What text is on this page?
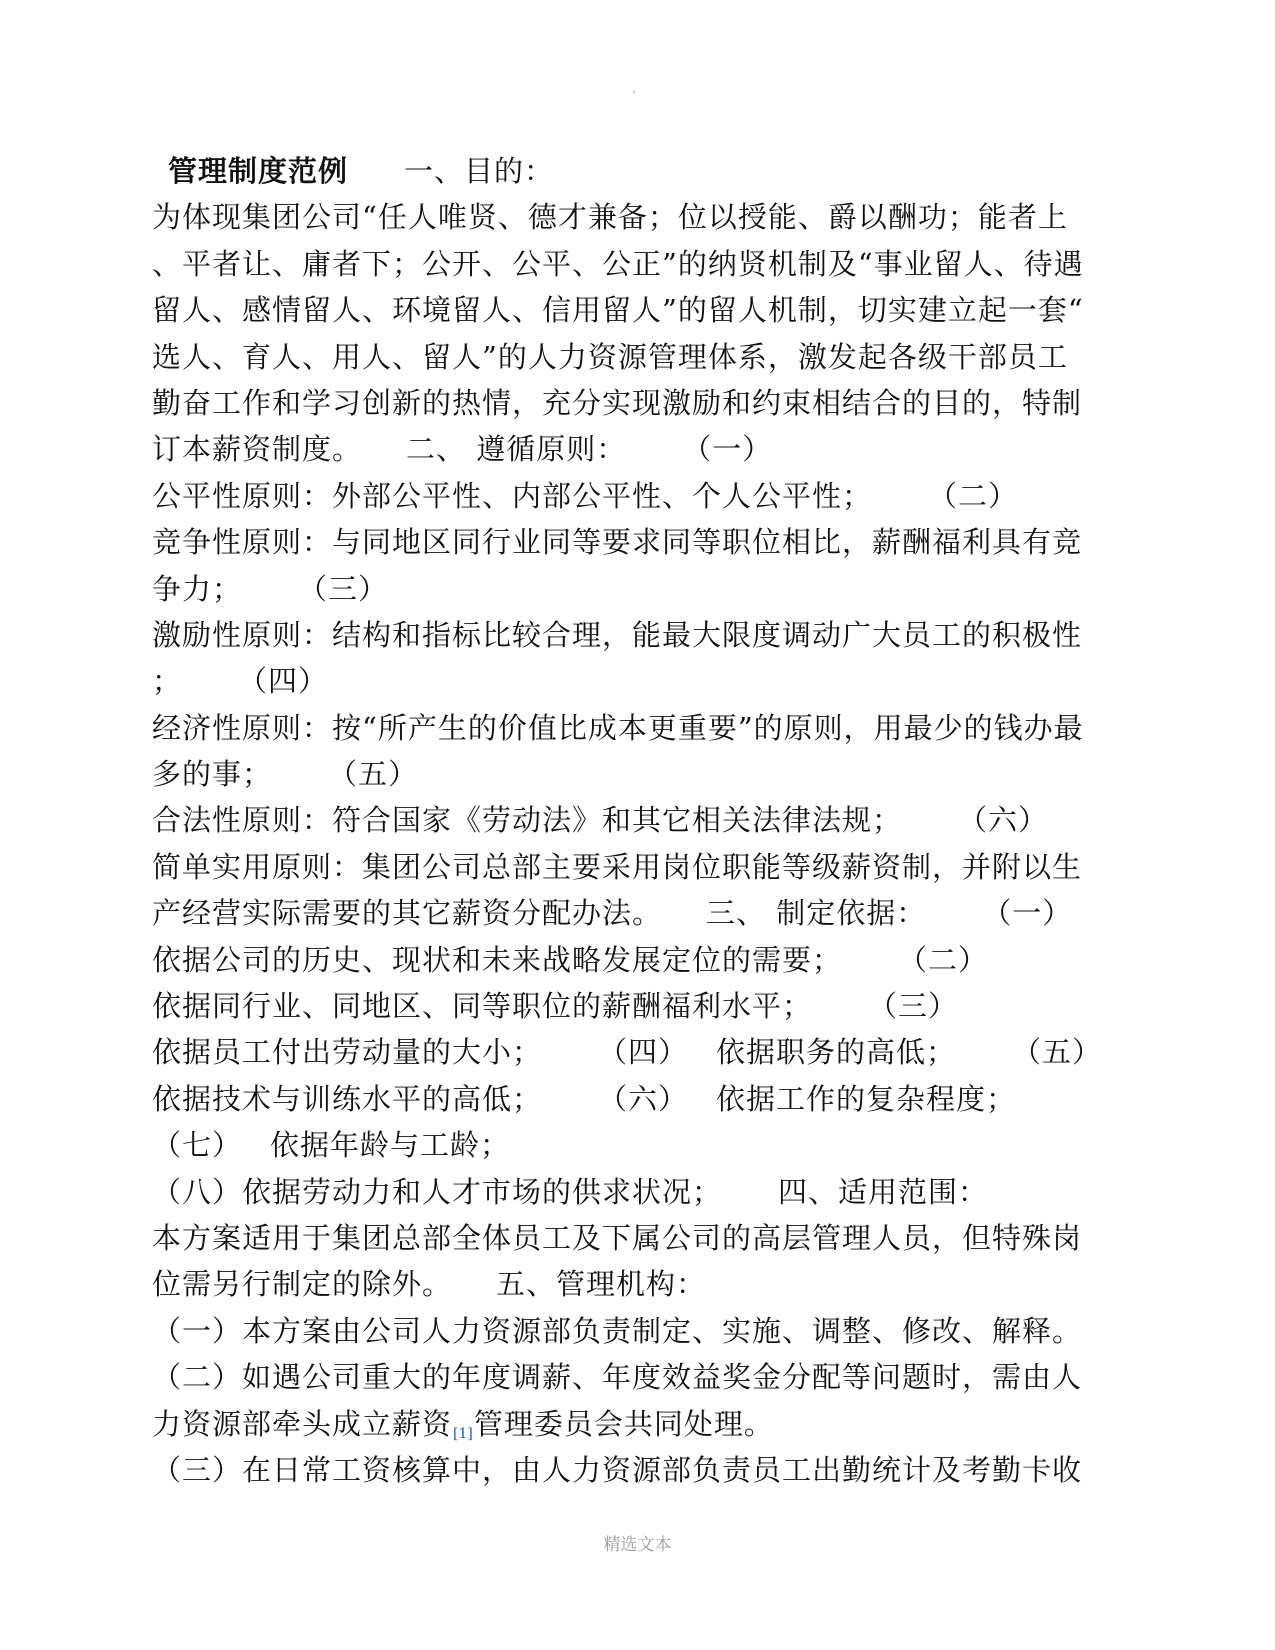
.
管理制度范例 一、目的：
为体现集团公司“任人唯贤、德才兼备；位以授能、爵以酬功；能者上
、平者让、庸者下；公开、公平、公正”的纳贤机制及“事业留人、待遇
留人、感情留人、环境留人、信用留人”的留人机制，切实建立起一套“
选人、育人、用人、留人”的人力资源管理体系，激发起各级干部员工
勤奋工作和学习创新的热情，充分实现激励和约束相结合的目的，特制
订本薪资制度。 二、 遵循原则： （一）
公平性原则：外部公平性、内部公平性、个人公平性； （二）
竞争性原则：与同地区同行业同等要求同等职位相比，薪酬福利具有竞
争力； （三）
激励性原则：结构和指标比较合理，能最大限度调动广大员工的积极性
； （四）
经济性原则：按“所产生的价值比成本更重要”的原则，用最少的钱办最
多的事； （五）
合法性原则：符合国家《劳动法》和其它相关法律法规； （六）
简单实用原则：集团公司总部主要采用岗位职能等级薪资制，并附以生
产经营实际需要的其它薪资分配办法。 三、 制定依据： （一）
依据公司的历史、现状和未来战略发展定位的需要； （二）
依据同行业、同地区、同等职位的薪酬福利水平； （三）
依据员工付出劳动量的大小； （四） 依据职务的高低； （五）
依据技术与训练水平的高低； （六） 依据工作的复杂程度；
（七） 依据年龄与工龄；
（八）依据劳动力和人才市场的供求状况； 四、适用范围：
本方案适用于集团总部全体员工及下属公司的高层管理人员，但特殊岗
位需另行制定的除外。 五、管理机构：
（一）本方案由公司人力资源部负责制定、实施、调整、修改、解释。
（二）如遇公司重大的年度调薪、年度效益奖金分配等问题时，需由人
力资源部牵头成立薪资[1]管理委员会共同处理。
（三）在日常工资核算中，由人力资源部负责员工出勤统计及考勤卡收
精选文本
